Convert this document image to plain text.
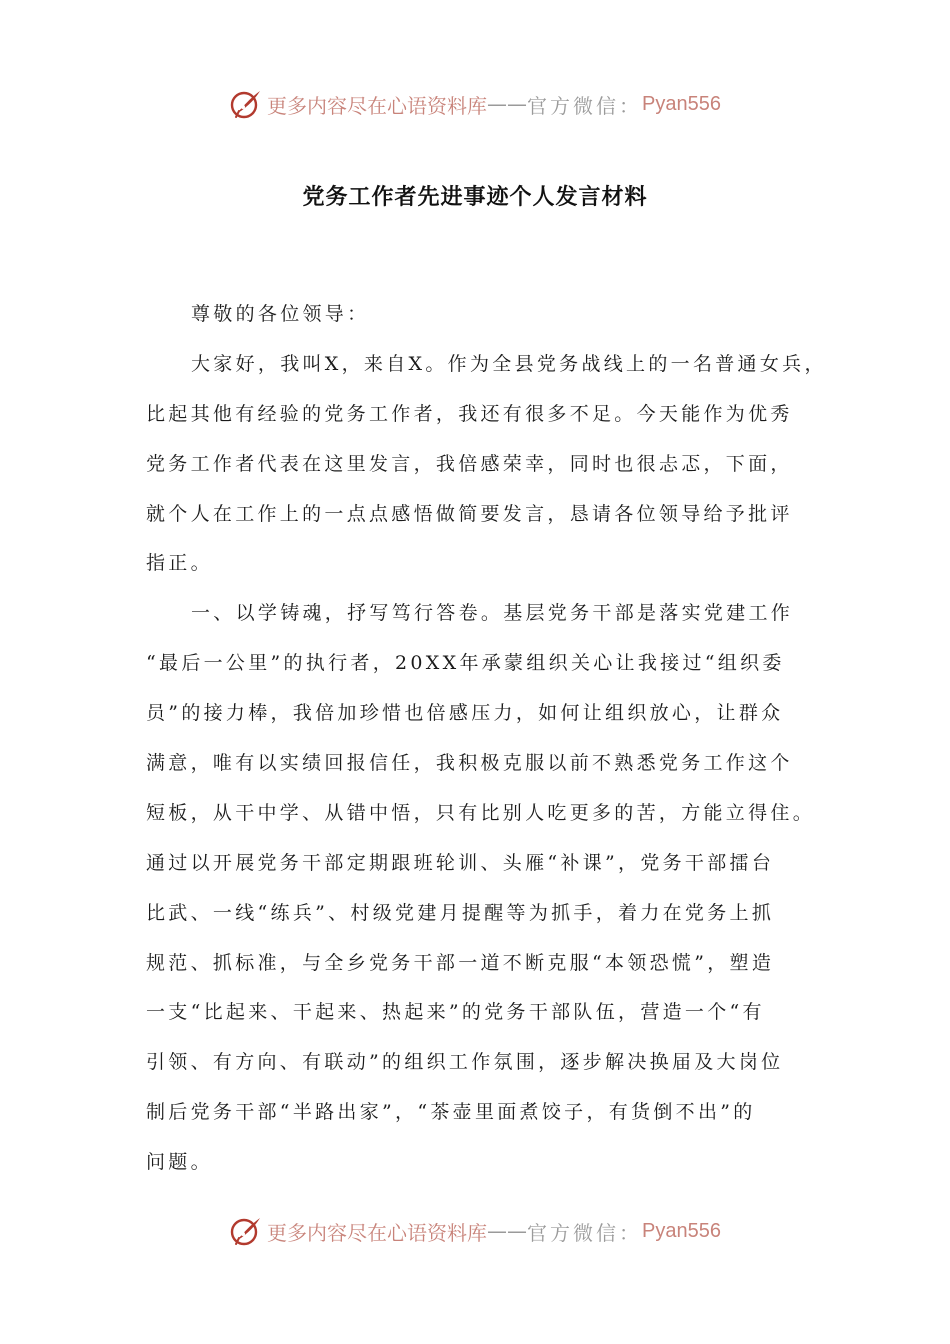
更多内容尽在心语资料库 —— 官方微信： Pyan556
党务工作者先进事迹个人发言材料
尊敬的各位领导：
大家好，我叫X，来自X。作为全县党务战线上的一名普通女兵，
比起其他有经验的党务工作者，我还有很多不足。今天能作为优秀
党务工作者代表在这里发言，我倍感荣幸，同时也很忐忑，下面，
就个人在工作上的一点点感悟做简要发言，恳请各位领导给予批评
指正。
一、以学铸魂，抒写笃行答卷。基层党务干部是落实党建工作
“最后一公里”的执行者，20XX年承蒙组织关心让我接过“组织委
员”的接力棒，我倍加珍惜也倍感压力，如何让组织放心，让群众
满意，唯有以实绩回报信任，我积极克服以前不熟悉党务工作这个
短板，从干中学、从错中悟，只有比别人吃更多的苦，方能立得住。
通过以开展党务干部定期跟班轮训、头雁“补课”，党务干部擂台
比武、一线“练兵”、村级党建月提醒等为抓手，着力在党务上抓
规范、抓标准，与全乡党务干部一道不断克服“本领恐慌”，塑造
一支“比起来、干起来、热起来”的党务干部队伍，营造一个“有
引领、有方向、有联动”的组织工作氛围，逐步解决换届及大岗位
制后党务干部“半路出家”，“茶壶里面煮饺子，有货倒不出”的
问题。
更多内容尽在心语资料库 —— 官方微信： Pyan556
